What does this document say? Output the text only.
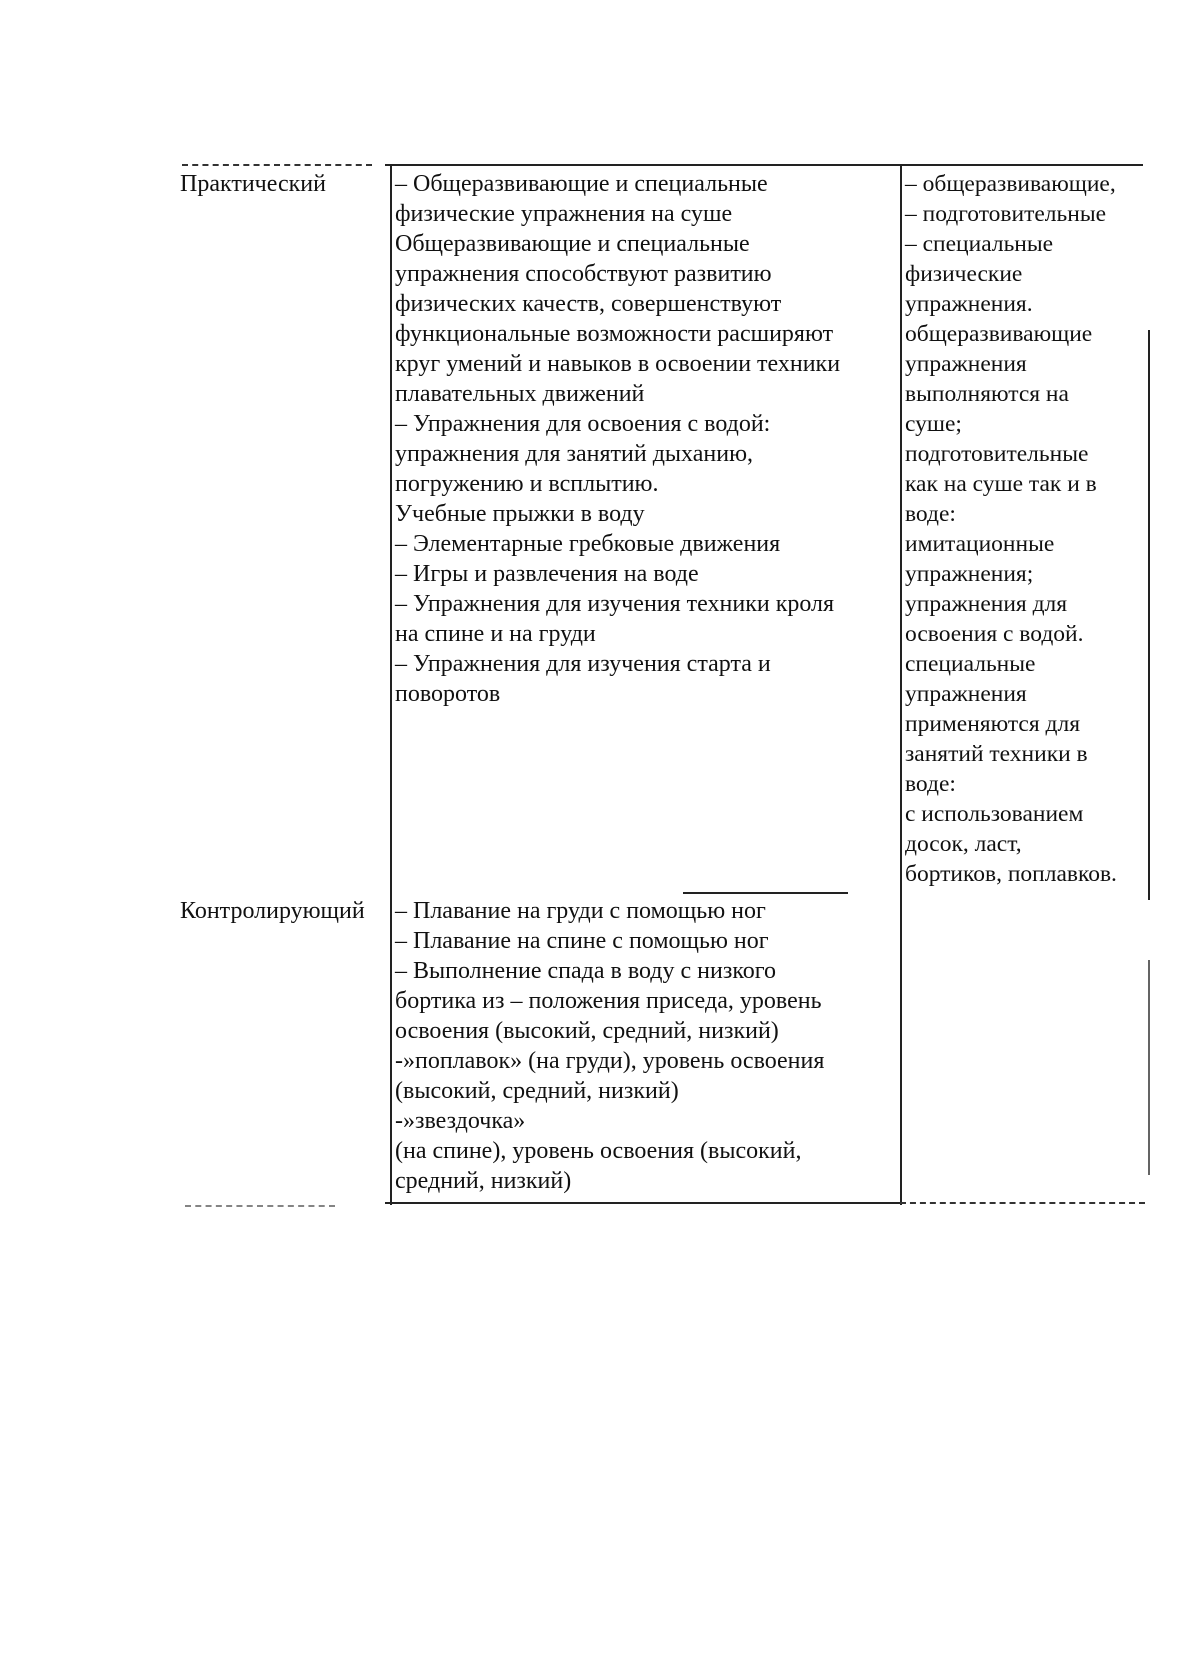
Практический	– Общеразвивающие и специальные
физические упражнения на суше
Общеразвивающие и специальные
упражнения способствуют развитию
физических качеств, совершенствуют
функциональные возможности расширяют
круг умений и навыков в освоении техники
плавательных движений
– Упражнения для освоения с водой:
упражнения для занятий дыханию,
погружению и всплытию.
Учебные прыжки в воду
– Элементарные гребковые движения
– Игры и развлечения на воде
– Упражнения для изучения техники кроля
на спине и на груди
– Упражнения для изучения старта и
поворотов
– общеразвивающие,
– подготовительные
– специальные
физические
упражнения.
общеразвивающие
упражнения
выполняются на
суше;
подготовительные
как на суше так и в
воде:
имитационные
упражнения;
упражнения для
освоения с водой.
специальные
упражнения
применяются для
занятий техники в
воде:
с использованием
досок, ласт,
бортиков, поплавков.
Контролирующий – Плавание на груди с помощью ног
– Плавание на спине с помощью ног
– Выполнение спада в воду с низкого
бортика из – положения приседа, уровень
освоения (высокий, средний, низкий)
-»поплавок» (на груди), уровень освоения
(высокий, средний, низкий)
-»звездочка»
(на спине), уровень освоения (высокий,
средний, низкий)
